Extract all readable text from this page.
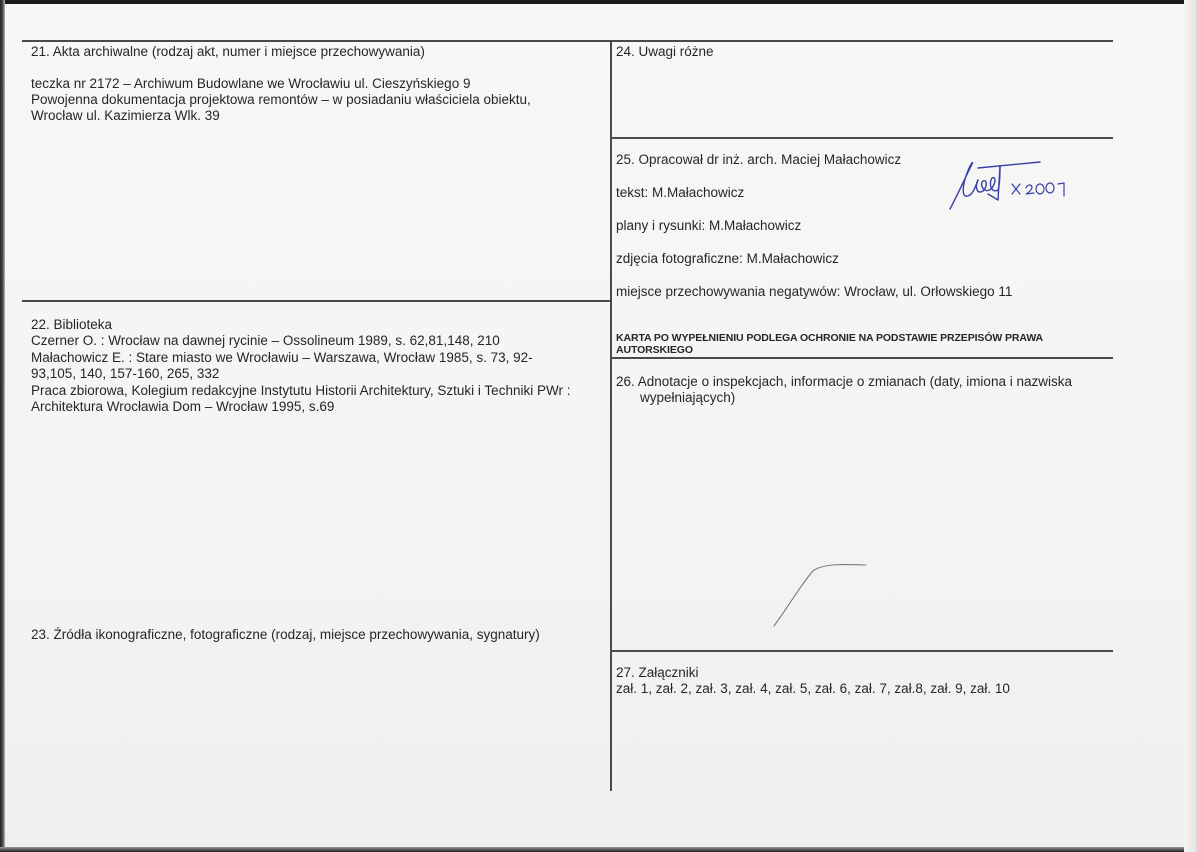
21. Akta archiwalne (rodzaj akt, numer i miejsce przechowywania)
teczka nr 2172 – Archiwum Budowlane we Wrocławiu ul. Cieszyńskiego 9
Powojenna dokumentacja projektowa remontów – w posiadaniu właściciela obiektu,
Wrocław ul. Kazimierza Wlk. 39
22. Biblioteka
Czerner O. : Wrocław na dawnej rycinie – Ossolineum 1989, s. 62,81,148, 210
Małachowicz E. : Stare miasto we Wrocławiu – Warszawa, Wrocław 1985, s. 73, 92-
93,105, 140, 157-160, 265, 332
Praca zbiorowa, Kolegium redakcyjne Instytutu Historii Architektury, Sztuki i Techniki PWr :
Architektura Wrocławia Dom – Wrocław 1995, s.69
23. Źródła ikonograficzne, fotograficzne (rodzaj, miejsce przechowywania, sygnatury)
24. Uwagi różne
25. Opracował dr inż. arch. Maciej Małachowicz
tekst: M.Małachowicz
plany i rysunki: M.Małachowicz
zdjęcia fotograficzne: M.Małachowicz
miejsce przechowywania negatywów: Wrocław, ul. Orłowskiego 11
KARTA PO WYPEŁNIENIU PODLEGA OCHRONIE NA PODSTAWIE PRZEPISÓW PRAWA
AUTORSKIEGO
26. Adnotacje o inspekcjach, informacje o zmianach (daty, imiona i nazwiska
wypełniających)
27. Załączniki
zał. 1, zał. 2, zał. 3, zał. 4, zał. 5, zał. 6, zał. 7, zał.8, zał. 9, zał. 10
